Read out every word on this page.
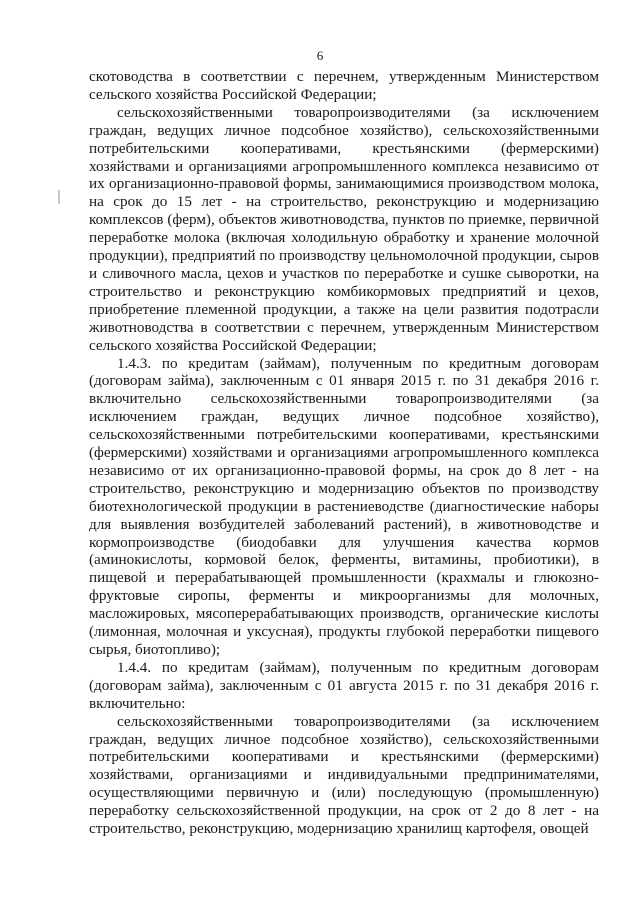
6

скотоводства в соответствии с перечнем, утвержденным Министерством сельского хозяйства Российской Федерации;

сельскохозяйственными товаропроизводителями (за исключением граждан, ведущих личное подсобное хозяйство), сельскохозяйственными потребительскими кооперативами, крестьянскими (фермерскими) хозяйствами и организациями агропромышленного комплекса независимо от их организационно-правовой формы, занимающимися производством молока, на срок до 15 лет - на строительство, реконструкцию и модернизацию комплексов (ферм), объектов животноводства, пунктов по приемке, первичной переработке молока (включая холодильную обработку и хранение молочной продукции), предприятий по производству цельномолочной продукции, сыров и сливочного масла, цехов и участков по переработке и сушке сыворотки, на строительство и реконструкцию комбикормовых предприятий и цехов, приобретение племенной продукции, а также на цели развития подотрасли животноводства в соответствии с перечнем, утвержденным Министерством сельского хозяйства Российской Федерации;

1.4.3. по кредитам (займам), полученным по кредитным договорам (договорам займа), заключенным с 01 января 2015 г. по 31 декабря 2016 г. включительно сельскохозяйственными товаропроизводителями (за исключением граждан, ведущих личное подсобное хозяйство), сельскохозяйственными потребительскими кооперативами, крестьянскими (фермерскими) хозяйствами и организациями агропромышленного комплекса независимо от их организационно-правовой формы, на срок до 8 лет - на строительство, реконструкцию и модернизацию объектов по производству биотехнологической продукции в растениеводстве (диагностические наборы для выявления возбудителей заболеваний растений), в животноводстве и кормопроизводстве (биодобавки для улучшения качества кормов (аминокислоты, кормовой белок, ферменты, витамины, пробиотики), в пищевой и перерабатывающей промышленности (крахмалы и глюкозно-фруктовые сиропы, ферменты и микроорганизмы для молочных, масложировых, мясоперерабатывающих производств, органические кислоты (лимонная, молочная и уксусная), продукты глубокой переработки пищевого сырья, биотопливо);

1.4.4. по кредитам (займам), полученным по кредитным договорам (договорам займа), заключенным с 01 августа 2015 г. по 31 декабря 2016 г. включительно:

сельскохозяйственными товаропроизводителями (за исключением граждан, ведущих личное подсобное хозяйство), сельскохозяйственными потребительскими кооперативами и крестьянскими (фермерскими) хозяйствами, организациями и индивидуальными предпринимателями, осуществляющими первичную и (или) последующую (промышленную) переработку сельскохозяйственной продукции, на срок от 2 до 8 лет - на строительство, реконструкцию, модернизацию хранилищ картофеля, овощей
